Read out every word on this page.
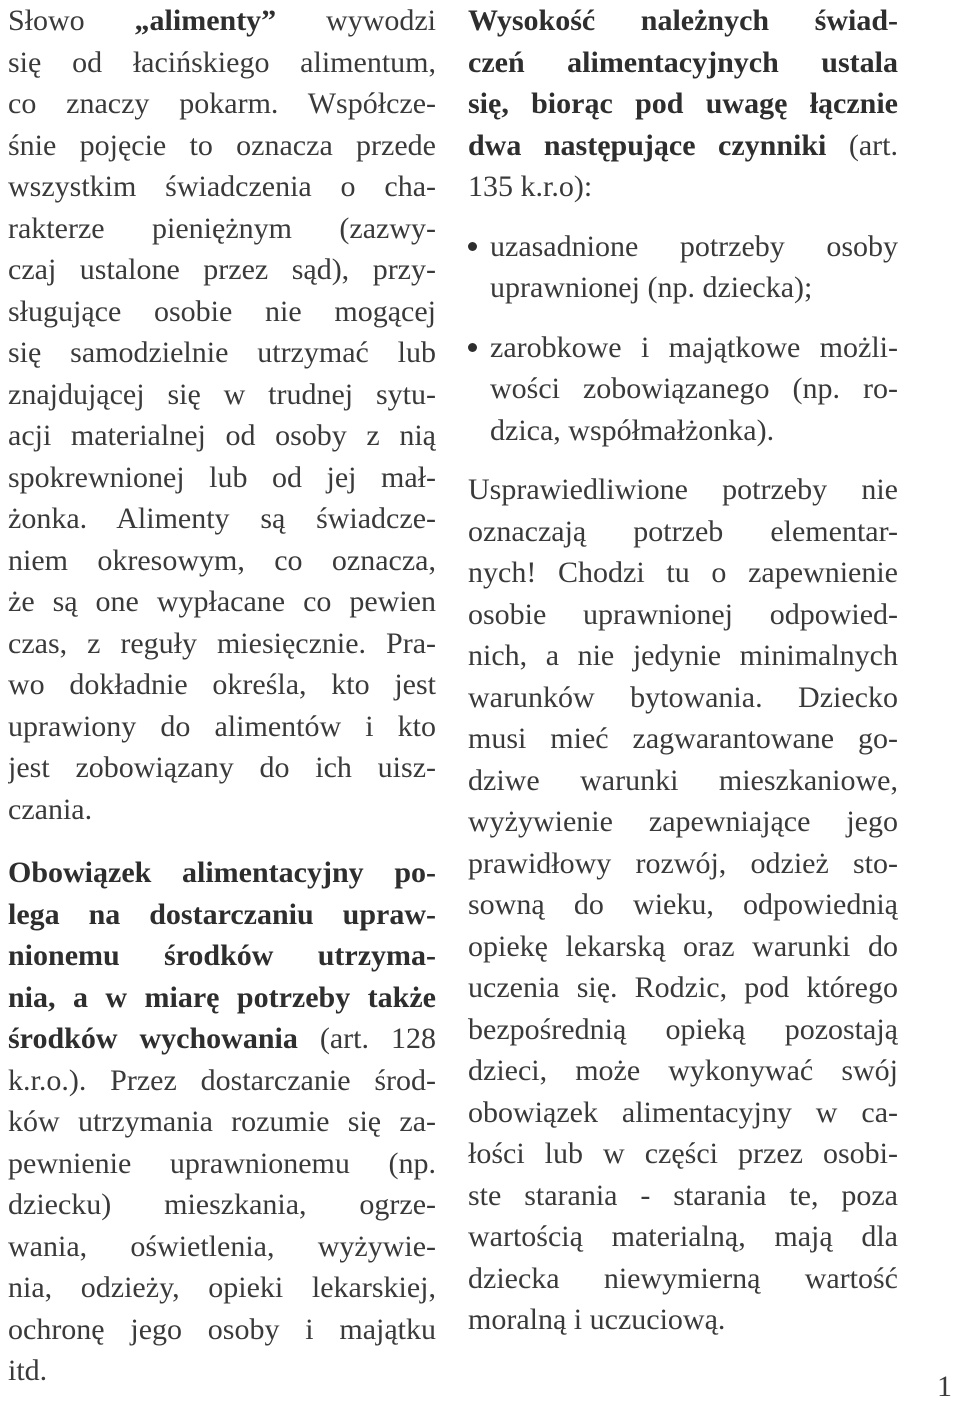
Słowo „alimenty” wywodzi
się od łacińskiego alimentum,
co znaczy pokarm. Współcze-
śnie pojęcie to oznacza przede
wszystkim świadczenia o cha-
rakterze pieniężnym (zazwy-
czaj ustalone przez sąd), przy-
sługujące osobie nie mogącej
się samodzielnie utrzymać lub
znajdującej się w trudnej sytu-
acji materialnej od osoby z nią
spokrewnionej lub od jej mał-
żonka. Alimenty są świadcze-
niem okresowym, co oznacza,
że są one wypłacane co pewien
czas, z reguły miesięcznie. Pra-
wo dokładnie określa, kto jest
uprawiony do alimentów i kto
jest zobowiązany do ich uisz-
czania.
Obowiązek alimentacyjny po-
lega na dostarczaniu upraw-
nionemu środków utrzyma-
nia, a w miarę potrzeby także
środków wychowania (art. 128
k.r.o.). Przez dostarczanie środ-
ków utrzymania rozumie się za-
pewnienie uprawnionemu (np.
dziecku) mieszkania, ogrze-
wania, oświetlenia, wyżywie-
nia, odzieży, opieki lekarskiej,
ochronę jego osoby i majątku
itd.
Wysokość należnych świad-
czeń alimentacyjnych ustala
się, biorąc pod uwagę łącznie
dwa następujące czynniki (art.
135 k.r.o):
uzasadnione potrzeby osoby
uprawnionej (np. dziecka);
zarobkowe i majątkowe możli-
wości zobowiązanego (np. ro-
dzica, współmałżonka).
Usprawiedliwione potrzeby nie
oznaczają potrzeb elementar-
nych! Chodzi tu o zapewnienie
osobie uprawnionej odpowied-
nich, a nie jedynie minimalnych
warunków bytowania. Dziecko
musi mieć zagwarantowane go-
dziwe warunki mieszkaniowe,
wyżywienie zapewniające jego
prawidłowy rozwój, odzież sto-
sowną do wieku, odpowiednią
opiekę lekarską oraz warunki do
uczenia się. Rodzic, pod którego
bezpośrednią opieką pozostają
dzieci, może wykonywać swój
obowiązek alimentacyjny w ca-
łości lub w części przez osobi-
ste starania - starania te, poza
wartością materialną, mają dla
dziecka niewymierną wartość
moralną i uczuciową.
1
